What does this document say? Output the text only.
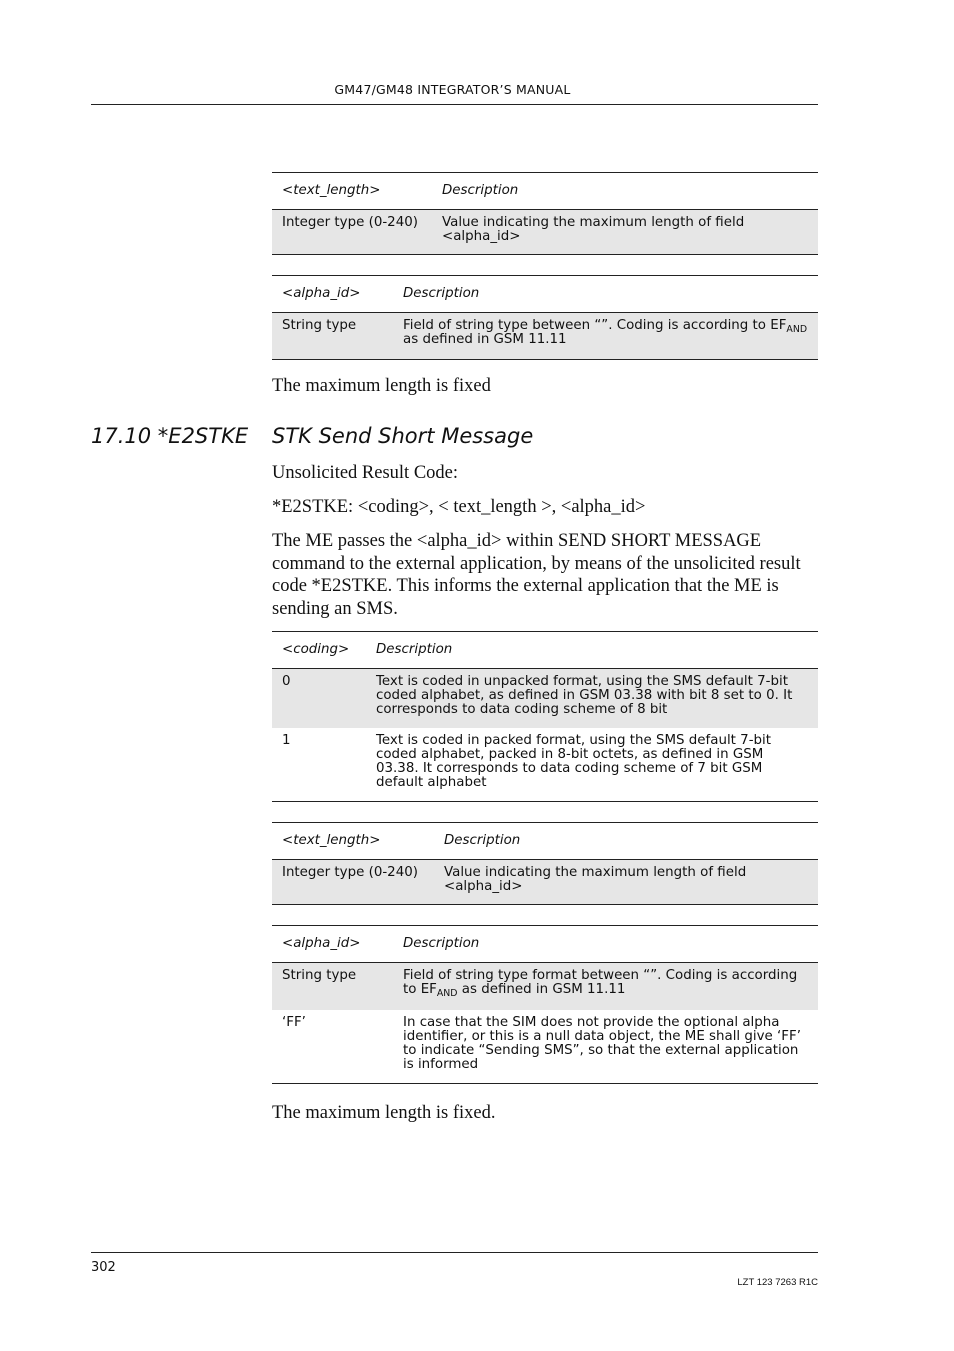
GM47/GM48 INTEGRATOR’S MANUAL
<text_length>	Description
Integer type (0-240)	Value indicating the maximum length of field <alpha_id>
<alpha_id>	Description
String type	Field of string type between “”. Coding is according to $EF_{AND}$ as defined in GSM 11.11
The maximum length is fixed
17.10 *E2STKE STK Send Short Message
Unsolicited Result Code:
*E2STKE: <coding>, < text_length >, <alpha_id>
The ME passes the <alpha_id> within SEND SHORT MESSAGE command to the external application, by means of the unsolicited result code *E2STKE. This informs the external application that the ME is sending an SMS.
<coding>	Description
0	Text is coded in unpacked format, using the SMS default 7-bit coded alphabet, as defined in GSM 03.38 with bit 8 set to 0. It corresponds to data coding scheme of 8 bit
1	Text is coded in packed format, using the SMS default 7-bit coded alphabet, packed in 8-bit octets, as defined in GSM 03.38. It corresponds to data coding scheme of 7 bit GSM default alphabet
<text_length>	Description
Integer type (0-240)	Value indicating the maximum length of field <alpha_id>
<alpha_id>	Description
String type	Field of string type format between “”. Coding is according to $EF_{AND}$ as defined in GSM 11.11
‘FF’	In case that the SIM does not provide the optional alpha identifier, or this is a null data object, the ME shall give ‘FF’ to indicate “Sending SMS”, so that the external application is informed
The maximum length is fixed.
302
LZT 123 7263 R1C
